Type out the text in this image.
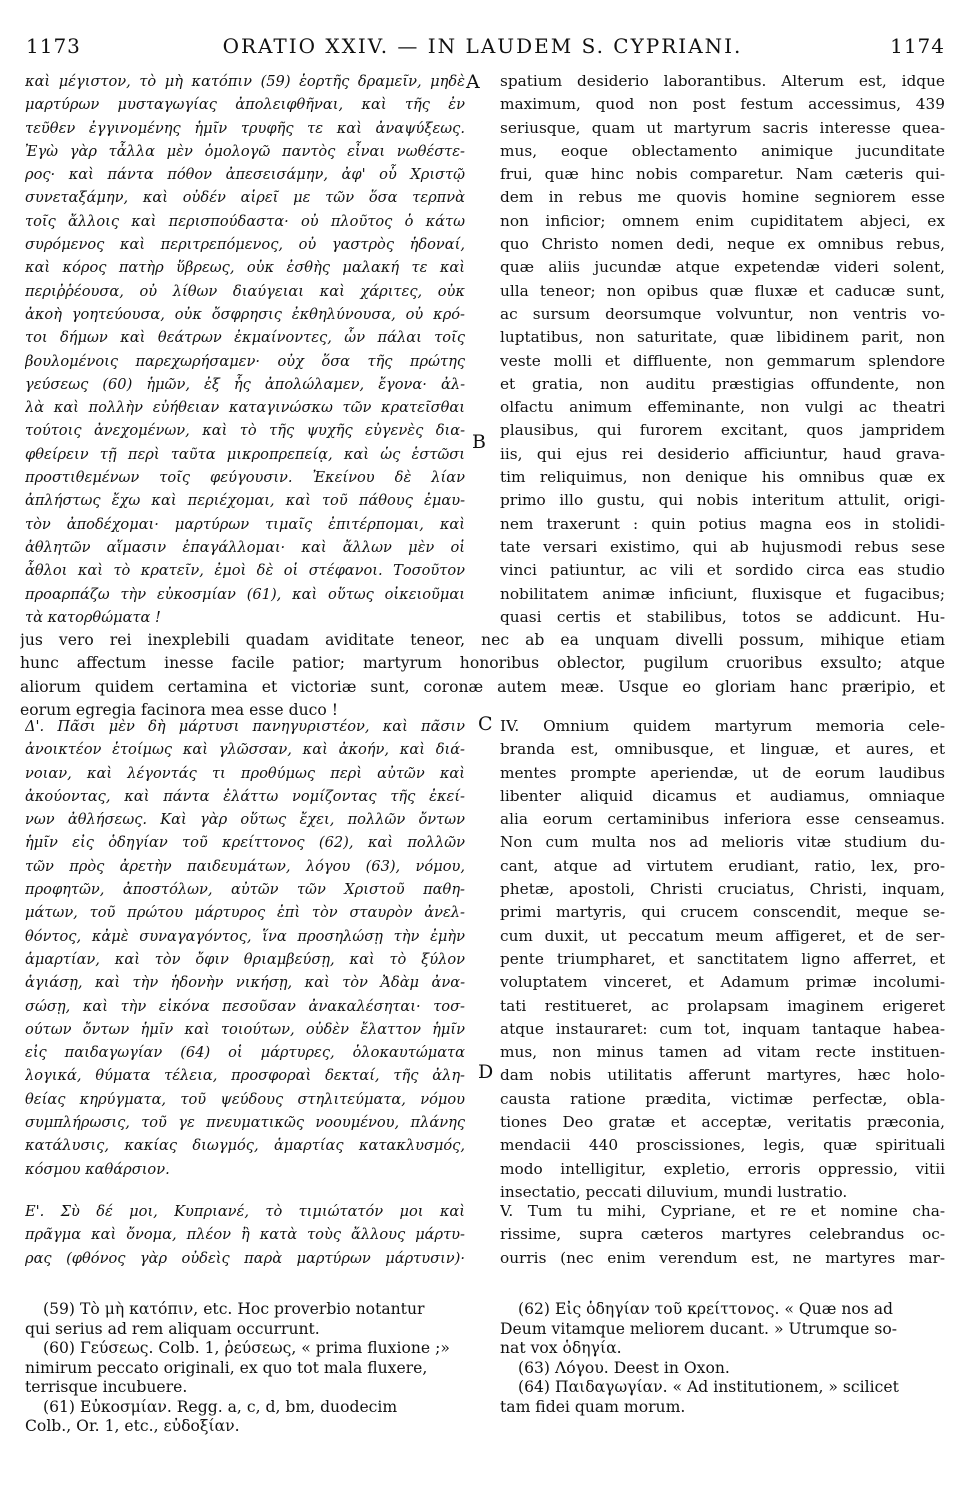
1173	ORATIO XXIV. — IN LAUDEM S. CYPRIANI.	1174
A
B
C
D
καὶ μέγιστον, τὸ μὴ κατόπιν (59) ἑορτῆς δραμεῖν, μηδὲ
μαρτύρων μυσταγωγίας ἀπολειφθῆναι, καὶ τῆς ἐν
τεῦθεν ἐγγινομένης ἡμῖν τρυφῆς τε καὶ ἀναψύξεως.
Ἐγὼ γὰρ τἆλλα μὲν ὁμολογῶ παντὸς εἶναι νωθέστε-
ρος· καὶ πάντα πόθον ἀπεσεισάμην, ἀφ' οὗ Χριστῷ
συνεταξάμην, καὶ οὐδέν αἱρεῖ με τῶν ὅσα τερπνὰ
τοῖς ἄλλοις καὶ περισπούδαστα· οὐ πλοῦτος ὁ κάτω
συρόμενος καὶ περιτρεπόμενος, οὐ γαστρὸς ἡδοναί,
καὶ κόρος πατὴρ ὕβρεως, οὐκ ἐσθὴς μαλακή τε καὶ
περιῤῥέουσα, οὐ λίθων διαύγειαι καὶ χάριτες, οὐκ
ἀκοὴ γοητεύουσα, οὐκ ὄσφρησις ἐκθηλύνουσα, οὐ κρό-
τοι δήμων καὶ θεάτρων ἐκμαίνοντες, ὧν πάλαι τοῖς
βουλομένοις παρεχωρήσαμεν· οὐχ ὅσα τῆς πρώτης
γεύσεως (60) ἡμῶν, ἐξ ἧς ἀπολώλαμεν, ἔγονα· ἀλ-
λὰ καὶ πολλὴν εὐήθειαν καταγινώσκω τῶν κρατεῖσθαι
τούτοις ἀνεχομένων, καὶ τὸ τῆς ψυχῆς εὐγενὲς δια-
φθείρειν τῇ περὶ ταῦτα μικροπρεπείᾳ, καὶ ὡς ἑστῶσι
προστιθεμένων τοῖς φεύγουσιν. Ἐκείνου δὲ λίαν
ἀπλήστως ἔχω καὶ περιέχομαι, καὶ τοῦ πάθους ἐμαυ-
τὸν ἀποδέχομαι· μαρτύρων τιμαῖς ἐπιτέρπομαι, καὶ
ἀθλητῶν αἵμασιν ἐπαγάλλομαι· καὶ ἄλλων μὲν οἱ
ἆθλοι καὶ τὸ κρατεῖν, ἐμοὶ δὲ οἱ στέφανοι. Τοσοῦτον
προαρπάζω τὴν εὐκοσμίαν (61), καὶ οὕτως οἰκειοῦμαι
τὰ κατορθώματα !
spatium desiderio laborantibus. Alterum est, idque
maximum, quod non post festum accessimus, 439
seriusque, quam ut martyrum sacris interesse quea-
mus, eoque oblectamento animique jucunditate
frui, quæ hinc nobis comparetur. Nam cæteris qui-
dem in rebus me quovis homine segniorem esse
non inficior; omnem enim cupiditatem abjeci, ex
quo Christo nomen dedi, neque ex omnibus rebus,
quæ aliis jucundæ atque expetendæ videri solent,
ulla teneor; non opibus quæ fluxæ et caducæ sunt,
ac sursum deorsumque volvuntur, non ventris vo-
luptatibus, non saturitate, quæ libidinem parit, non
veste molli et diffluente, non gemmarum splendore
et gratia, non auditu præstigias offundente, non
olfactu animum effeminante, non vulgi ac theatri
plausibus, qui furorem excitant, quos jampridem
iis, qui ejus rei desiderio afficiuntur, haud grava-
tim reliquimus, non denique his omnibus quæ ex
primo illo gustu, qui nobis interitum attulit, origi-
nem traxerunt : quin potius magna eos in stolidi-
tate versari existimo, qui ab hujusmodi rebus sese
vinci patiuntur, ac vili et sordido circa eas studio
nobilitatem animæ inficiunt, fluxisque et fugacibus;
quasi certis et stabilibus, totos se addicunt. Hu-
jus vero rei inexplebili quadam aviditate teneor, nec ab ea unquam divelli possum, mihique etiam
hunc affectum inesse facile patior; martyrum honoribus oblector, pugilum cruoribus exsulto; atque
aliorum quidem certamina et victoriæ sunt, coronæ autem meæ. Usque eo gloriam hanc præripio, et
eorum egregia facinora mea esse duco !
Δ'. Πᾶσι μὲν δὴ μάρτυσι πανηγυριστέον, καὶ πᾶσιν
ἀνοικτέον ἑτοίμως καὶ γλῶσσαν, καὶ ἀκοήν, καὶ διά-
νοιαν, καὶ λέγοντάς τι προθύμως περὶ αὐτῶν καὶ
ἀκούοντας, καὶ πάντα ἐλάττω νομίζοντας τῆς ἐκεί-
νων ἀθλήσεως. Καὶ γὰρ οὕτως ἔχει, πολλῶν ὄντων
ἡμῖν εἰς ὁδηγίαν τοῦ κρείττονος (62), καὶ πολλῶν
τῶν πρὸς ἀρετὴν παιδευμάτων, λόγου (63), νόμου,
προφητῶν, ἀποστόλων, αὐτῶν τῶν Χριστοῦ παθη-
μάτων, τοῦ πρώτου μάρτυρος ἐπὶ τὸν σταυρὸν ἀνελ-
θόντος, κἀμὲ συναγαγόντος, ἵνα προσηλώσῃ τὴν ἐμὴν
ἁμαρτίαν, καὶ τὸν ὄφιν θριαμβεύσῃ, καὶ τὸ ξύλον
ἁγιάσῃ, καὶ τὴν ἡδονὴν νικήσῃ, καὶ τὸν Ἀδὰμ ἀνα-
σώσῃ, καὶ τὴν εἰκόνα πεσοῦσαν ἀνακαλέσηται· τοσ-
ούτων ὄντων ἡμῖν καὶ τοιούτων, οὐδὲν ἔλαττον ἡμῖν
εἰς παιδαγωγίαν (64) οἱ μάρτυρες, ὁλοκαυτώματα
λογικά, θύματα τέλεια, προσφοραὶ δεκταί, τῆς ἀλη-
θείας κηρύγματα, τοῦ ψεύδους στηλιτεύματα, νόμου
συμπλήρωσις, τοῦ γε πνευματικῶς νοουμένου, πλάνης
κατάλυσις, κακίας διωγμός, ἁμαρτίας κατακλυσμός,
κόσμου καθάρσιον.
IV. Omnium quidem martyrum memoria cele-
branda est, omnibusque, et linguæ, et aures, et
mentes prompte aperiendæ, ut de eorum laudibus
libenter aliquid dicamus et audiamus, omniaque
alia eorum certaminibus inferiora esse censeamus.
Non cum multa nos ad melioris vitæ studium du-
cant, atque ad virtutem erudiant, ratio, lex, pro-
phetæ, apostoli, Christi cruciatus, Christi, inquam,
primi martyris, qui crucem conscendit, meque se-
cum duxit, ut peccatum meum affigeret, et de ser-
pente triumpharet, et sanctitatem ligno afferret, et
voluptatem vinceret, et Adamum primæ incolumi-
tati restitueret, ac prolapsam imaginem erigeret
atque instauraret: cum tot, inquam tantaque habea-
mus, non minus tamen ad vitam recte instituen-
dam nobis utilitatis afferunt martyres, hæc holo-
causta ratione prædita, victimæ perfectæ, obla-
tiones Deo gratæ et acceptæ, veritatis præconia,
mendacii 440 proscissiones, legis, quæ spirituali
modo intelligitur, expletio, erroris oppressio, vitii
insectatio, peccati diluvium, mundi lustratio.
Ε'. Σὺ δέ μοι, Κυπριανέ, τὸ τιμιώτατόν μοι καὶ
πρᾶγμα καὶ ὄνομα, πλέον ἢ κατὰ τοὺς ἄλλους μάρτυ-
ρας (φθόνος γὰρ οὐδεὶς παρὰ μαρτύρων μάρτυσιν)·
V. Tum tu mihi, Cypriane, et re et nomine cha-
rissime, supra cæteros martyres celebrandus oc-
ourris (nec enim verendum est, ne martyres mar-
(59) Τὸ μὴ κατόπιν, etc. Hoc proverbio notantur
qui serius ad rem aliquam occurrunt.
(60) Γεύσεως. Colb. 1, ῥεύσεως, « prima fluxione ;»
nimirum peccato originali, ex quo tot mala fluxere,
terrisque incubuere.
(61) Εὐκοσμίαν. Regg. a, c, d, bm, duodecim
Colb., Or. 1, etc., εὐδοξίαν.
(62) Εἰς ὁδηγίαν τοῦ κρείττονος. « Quæ nos ad
Deum vitamque meliorem ducant. » Utrumque so-
nat vox ὁδηγία.
(63) Λόγου. Deest in Oxon.
(64) Παιδαγωγίαν. « Ad institutionem, » scilicet
tam fidei quam morum.
